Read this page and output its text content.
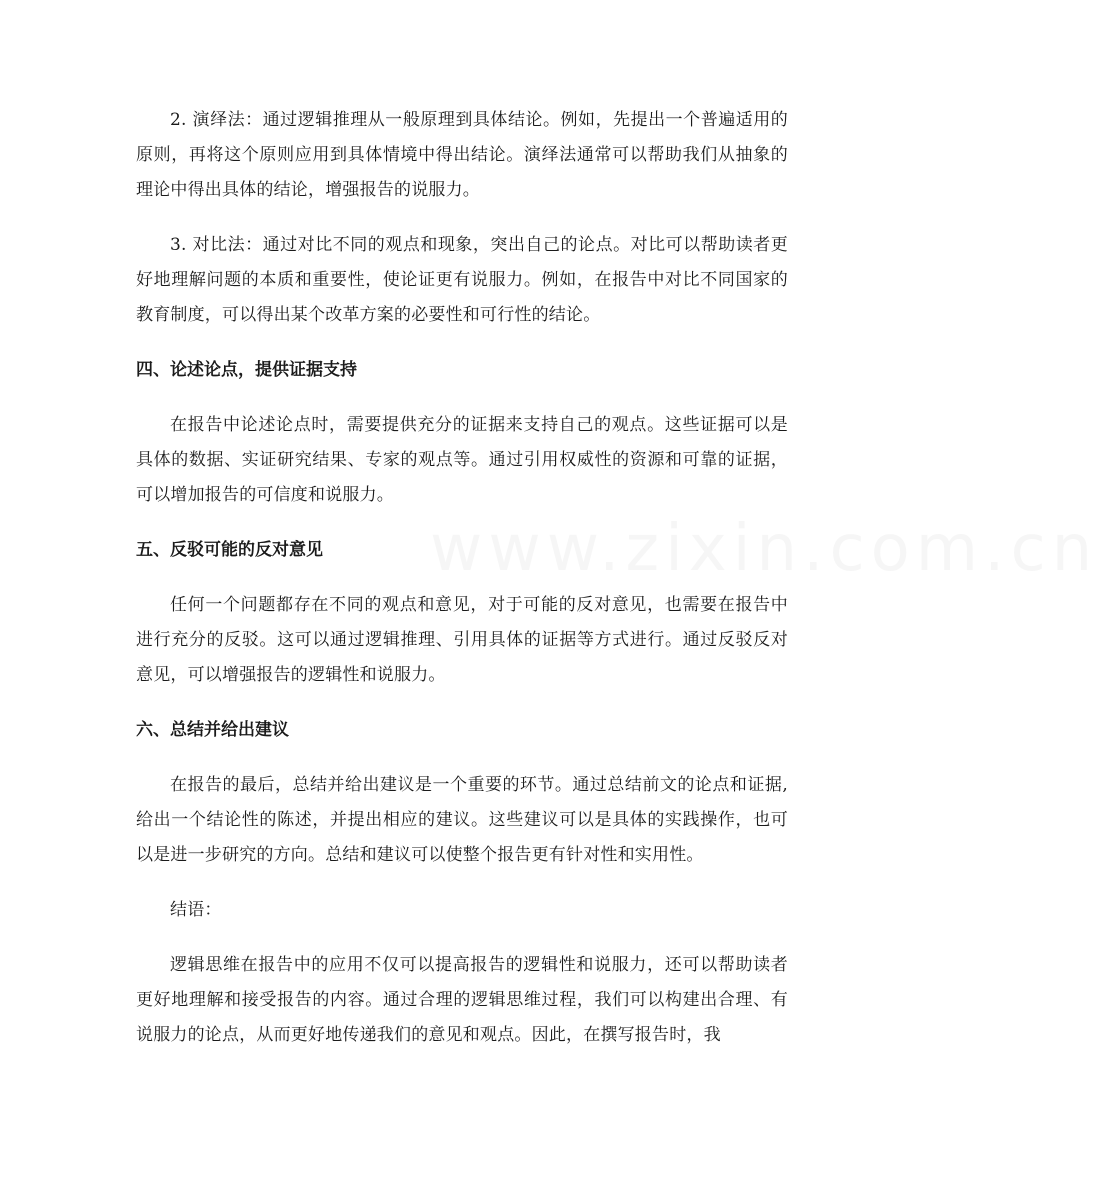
2. 演绎法：通过逻辑推理从一般原理到具体结论。例如，先提出一个普遍适用的原则，再将这个原则应用到具体情境中得出结论。演绎法通常可以帮助我们从抽象的理论中得出具体的结论，增强报告的说服力。

3. 对比法：通过对比不同的观点和现象，突出自己的论点。对比可以帮助读者更好地理解问题的本质和重要性，使论证更有说服力。例如，在报告中对比不同国家的教育制度，可以得出某个改革方案的必要性和可行性的结论。

四、论述论点，提供证据支持

在报告中论述论点时，需要提供充分的证据来支持自己的观点。这些证据可以是具体的数据、实证研究结果、专家的观点等。通过引用权威性的资源和可靠的证据，可以增加报告的可信度和说服力。

五、反驳可能的反对意见

任何一个问题都存在不同的观点和意见，对于可能的反对意见，也需要在报告中进行充分的反驳。这可以通过逻辑推理、引用具体的证据等方式进行。通过反驳反对意见，可以增强报告的逻辑性和说服力。

六、总结并给出建议

在报告的最后，总结并给出建议是一个重要的环节。通过总结前文的论点和证据,给出一个结论性的陈述，并提出相应的建议。这些建议可以是具体的实践操作，也可以是进一步研究的方向。总结和建议可以使整个报告更有针对性和实用性。

结语：

逻辑思维在报告中的应用不仅可以提高报告的逻辑性和说服力，还可以帮助读者更好地理解和接受报告的内容。通过合理的逻辑思维过程，我们可以构建出合理、有说服力的论点，从而更好地传递我们的意见和观点。因此，在撰写报告时，我

www.zixin.com.cn
